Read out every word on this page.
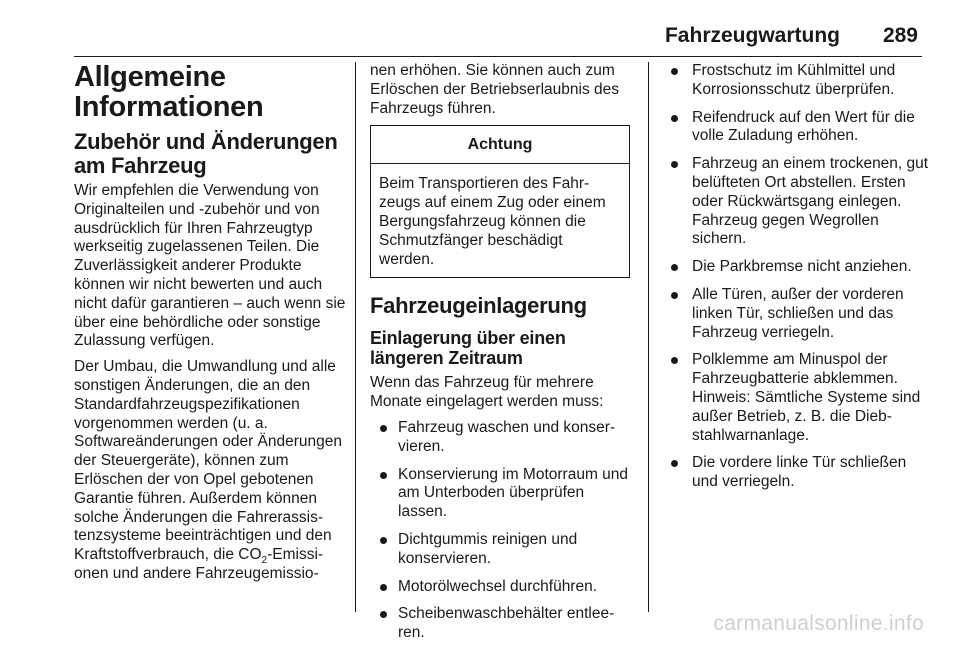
Fahrzeugwartung 289
Allgemeine
Informationen
Zubehör und Änderungen
am Fahrzeug

Wir empfehlen die Verwendung von Originalteilen und -zubehör und von ausdrücklich für Ihren Fahrzeugtyp werkseitig zugelassenen Teilen. Die Zuverlässigkeit anderer Produkte können wir nicht bewerten und auch nicht dafür garantieren – auch wenn sie über eine behördliche oder sonstige Zulassung verfügen.

Der Umbau, die Umwandlung und alle sonstigen Änderungen, die an den Standardfahrzeugspezifikationen vorgenommen werden (u. a. Softwareänderungen oder Änderungen der Steuergeräte), können zum Erlöschen der von Opel gebotenen Garantie führen. Außerdem können solche Änderungen die Fahrerassistenzsysteme beeinträchtigen und den Kraftstoffverbrauch, die $CO_2$-Emissionen und andere Fahrzeugemissio-

nen erhöhen. Sie können auch zum Erlöschen der Betriebserlaubnis des Fahrzeugs führen.

Achtung
Beim Transportieren des Fahrzeugs auf einem Zug oder einem Bergungsfahrzeug können die Schmutzfänger beschädigt werden.
Fahrzeugeinlagerung
Einlagerung über einen längeren Zeitraum

Wenn das Fahrzeug für mehrere Monate eingelagert werden muss:

Fahrzeug waschen und konservieren.
Konservierung im Motorraum und am Unterboden überprüfen lassen.
Dichtgummis reinigen und konservieren.
Motorölwechsel durchführen.
Scheibenwaschbehälter entleeren.
Frostschutz im Kühlmittel und Korrosionsschutz überprüfen.
Reifendruck auf den Wert für die volle Zuladung erhöhen.
Fahrzeug an einem trockenen, gut belüfteten Ort abstellen. Ersten oder Rückwärtsgang einlegen. Fahrzeug gegen Wegrollen sichern.
Die Parkbremse nicht anziehen.
Alle Türen, außer der vorderen linken Tür, schließen und das Fahrzeug verriegeln.
Polklemme am Minuspol der Fahrzeugbatterie abklemmen. Hinweis: Sämtliche Systeme sind außer Betrieb, z. B. die Diebstahlwarnanlage.
Die vordere linke Tür schließen und verriegeln.
carmanualsonline.info
